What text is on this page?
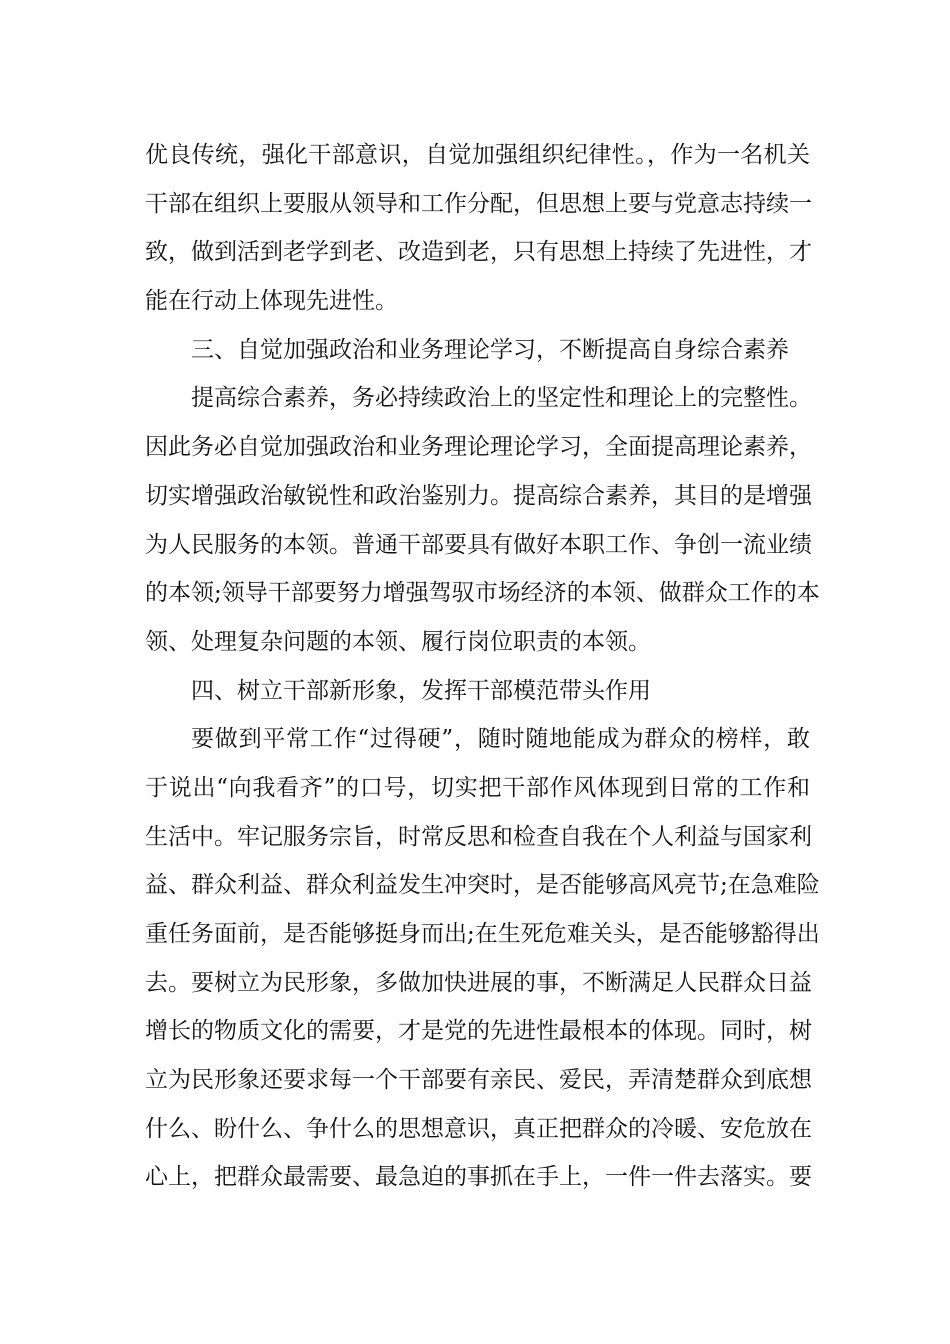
优良传统，强化干部意识，自觉加强组织纪律性。，作为一名机关
干部在组织上要服从领导和工作分配，但思想上要与党意志持续一
致，做到活到老学到老、改造到老，只有思想上持续了先进性，才
能在行动上体现先进性。
三、自觉加强政治和业务理论学习，不断提高自身综合素养
提高综合素养，务必持续政治上的坚定性和理论上的完整性。
因此务必自觉加强政治和业务理论理论学习，全面提高理论素养，
切实增强政治敏锐性和政治鉴别力。提高综合素养，其目的是增强
为人民服务的本领。普通干部要具有做好本职工作、争创一流业绩
的本领;领导干部要努力增强驾驭市场经济的本领、做群众工作的本
领、处理复杂问题的本领、履行岗位职责的本领。
四、树立干部新形象，发挥干部模范带头作用
要做到平常工作“过得硬”，随时随地能成为群众的榜样，敢
于说出“向我看齐”的口号，切实把干部作风体现到日常的工作和
生活中。牢记服务宗旨，时常反思和检查自我在个人利益与国家利
益、群众利益、群众利益发生冲突时，是否能够高风亮节;在急难险
重任务面前，是否能够挺身而出;在生死危难关头，是否能够豁得出
去。要树立为民形象，多做加快进展的事，不断满足人民群众日益
增长的物质文化的需要，才是党的先进性最根本的体现。同时，树
立为民形象还要求每一个干部要有亲民、爱民，弄清楚群众到底想
什么、盼什么、争什么的思想意识，真正把群众的冷暖、安危放在
心上，把群众最需要、最急迫的事抓在手上，一件一件去落实。要
